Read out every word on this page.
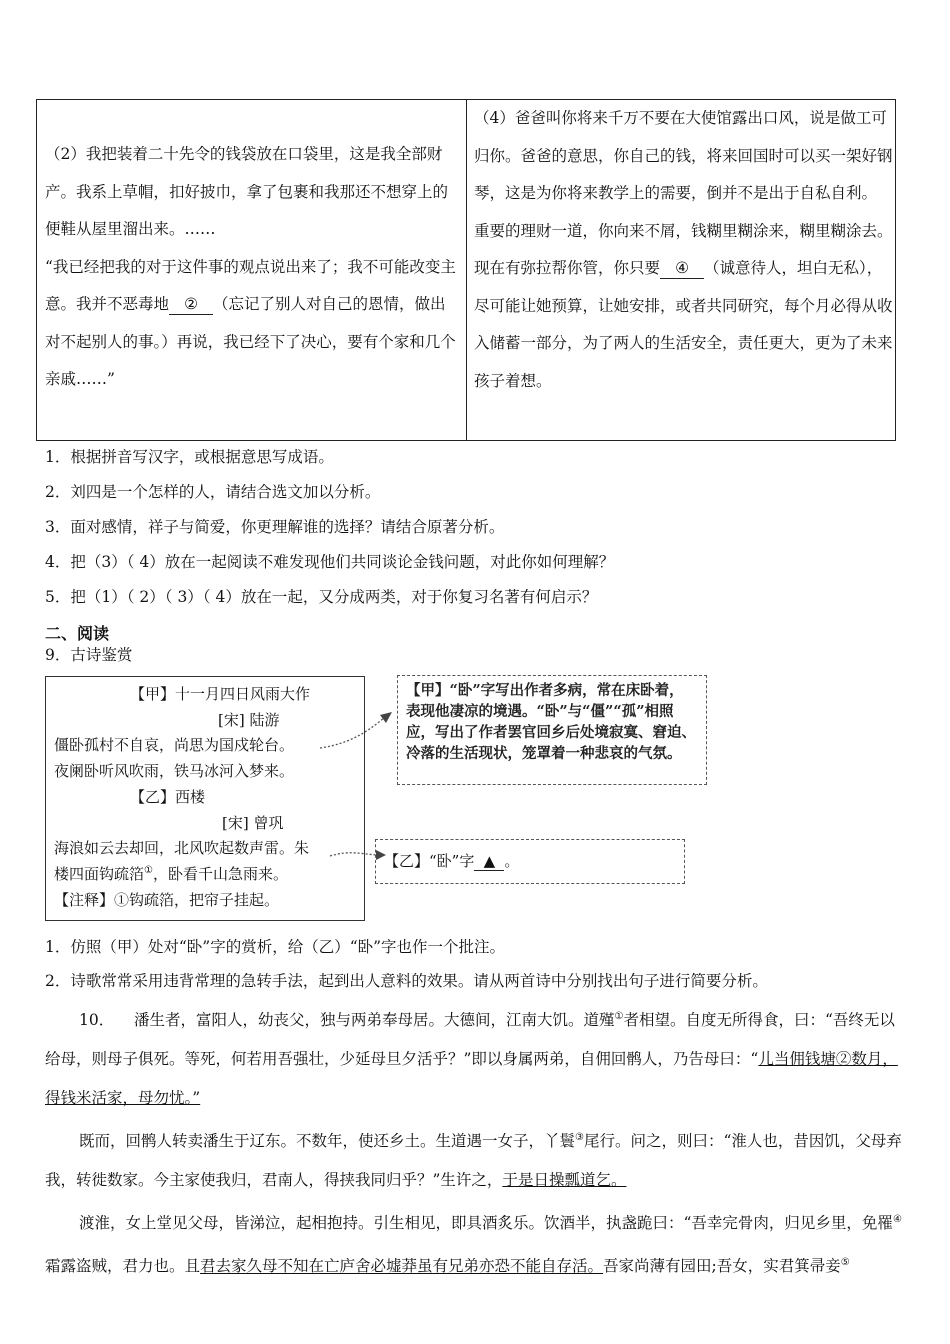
（2）我把装着二十先令的钱袋放在口袋里，这是我全部财产。我系上草帽，扣好披巾，拿了包裹和我那还不想穿上的便鞋从屋里溜出来。……

“我已经把我的对于这件事的观点说出来了；我不可能改变主意。我并不恶毒地 ② （忘记了别人对自己的恩情，做出对不起别人的事。）再说，我已经下了决心，要有个家和几个亲戚……”

（4）爸爸叫你将来千万不要在大使馆露出口风，说是做工可归你。爸爸的意思，你自己的钱，将来回国时可以买一架好钢琴，这是为你将来教学上的需要，倒并不是出于自私自利。

重要的理财一道，你向来不屑，钱糊里糊涂来，糊里糊涂去。现在有弥拉帮你管，你只要 ④ （诚意待人，坦白无私），尽可能让她预算，让她安排，或者共同研究，每个月必得从收入储蓄一部分，为了两人的生活安全，责任更大，更为了未来孩子着想。

1．根据拼音写汉字，或根据意思写成语。
2．刘四是一个怎样的人，请结合选文加以分析。
3．面对感情，祥子与简爱，你更理解谁的选择？请结合原著分析。
4．把（3）（ 4）放在一起阅读不难发现他们共同谈论金钱问题，对此你如何理解？
5．把（1）（ 2）（ 3）（ 4）放在一起，又分成两类，对于你复习名著有何启示？
二、阅读
9．古诗鉴赏
【甲】十一月四日风雨大作
[宋] 陆游
僵卧孤村不自哀，尚思为国戍轮台。
夜阑卧听风吹雨，铁马冰河入梦来。
【乙】西楼
[宋] 曾巩
海浪如云去却回，北风吹起数声雷。朱
楼四面钩疏箔①，卧看千山急雨来。
【注释】①钩疏箔，把帘子挂起。
【甲】“卧”字写出作者多病，常在床卧着，表现他凄凉的境遇。“卧”与“僵”“孤”相照应，写出了作者罢官回乡后处境寂寞、窘迫、冷落的生活现状，笼罩着一种悲哀的气氛。
【乙】“卧”字 ▲ 。
1．仿照（甲）处对“卧”字的赏析，给（乙）“卧”字也作一个批注。
2．诗歌常常采用违背常理的急转手法，起到出人意料的效果。请从两首诗中分别找出句子进行简要分析。

10． 潘生者，富阳人，幼丧父，独与两弟奉母居。大德间，江南大饥。道殣①者相望。自度无所得食，曰：“吾终无以给母，则母子俱死。等死，何若用吾强壮，少延母旦夕活乎？”即以身属两弟，自佣回鹘人，乃告母曰：“儿当佣钱塘②数月，得钱米活家，母勿忧。”

既而，回鹘人转卖潘生于辽东。不数年，使还乡土。生道遇一女子，丫鬟③尾行。问之，则曰：“淮人也，昔因饥，父母弃我，转徙数家。今主家使我归，君南人，得挟我同归乎？”生许之，于是日操瓢道乞。

渡淮，女上堂见父母，皆涕泣，起相抱持。引生相见，即具酒炙乐。饮酒半，执盏跪曰：“吾幸完骨肉，归见乡里，免罹④霜露盗贼，君力也。且君去家久母不知在亡庐舍必墟莽虽有兄弟亦恐不能自存活。吾家尚薄有园田;吾女，实君箕帚妾⑤
